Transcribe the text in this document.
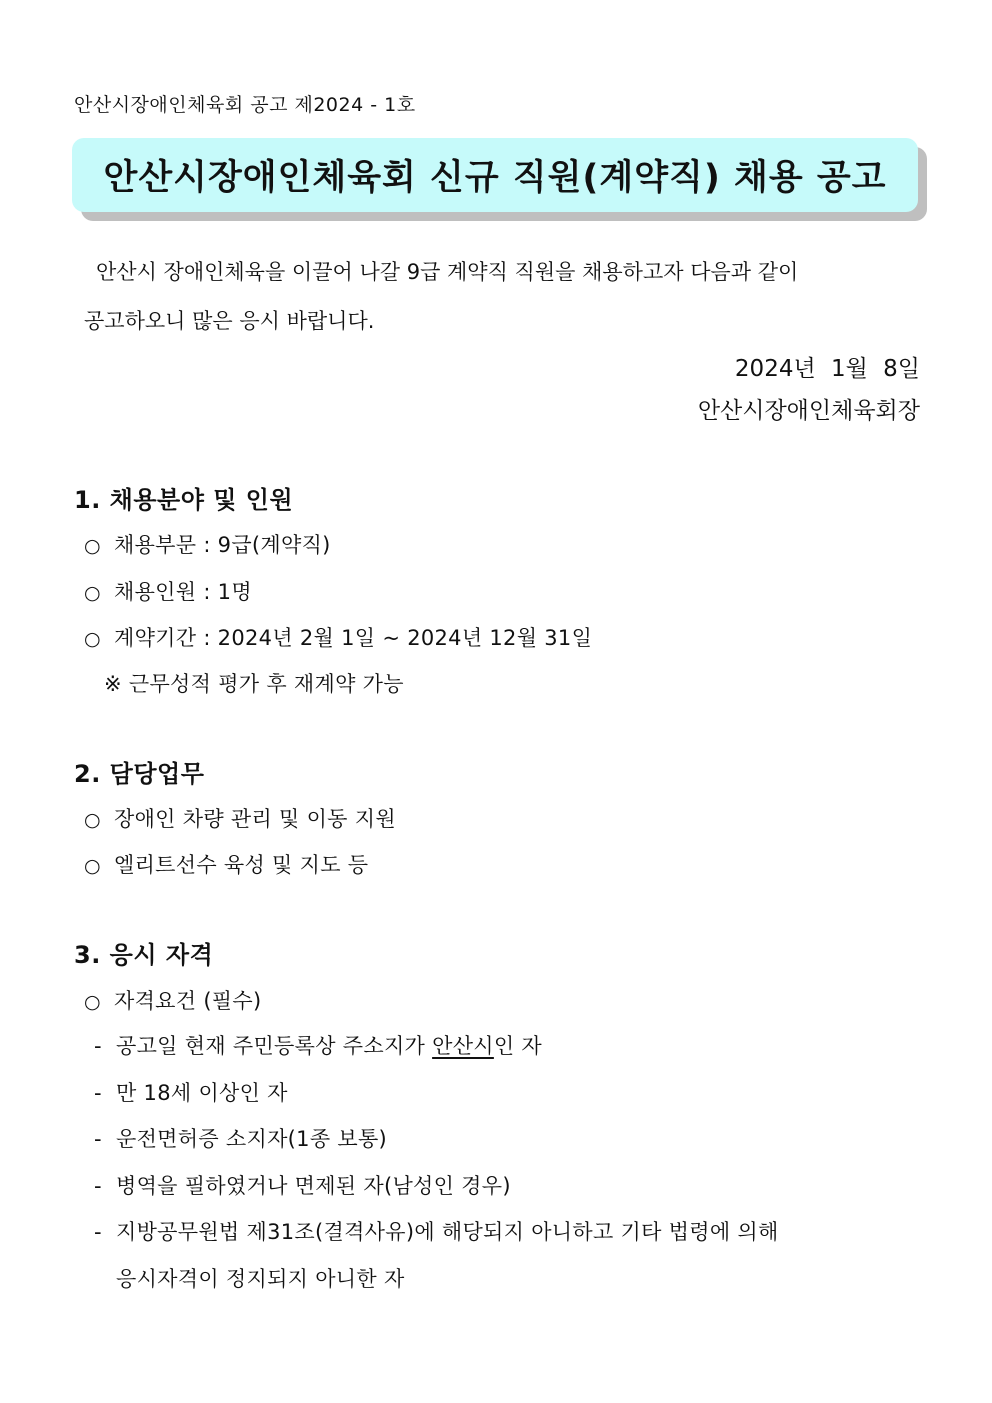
안산시장애인체육회 공고 제2024 - 1호
안산시장애인체육회 신규 직원(계약직) 채용 공고
안산시 장애인체육을 이끌어 나갈 9급 계약직 직원을 채용하고자 다음과 같이
공고하오니 많은 응시 바랍니다.
2024년 1월 8일
안산시장애인체육회장
1. 채용분야 및 인원
○ 채용부문 : 9급(계약직)
○ 채용인원 : 1명
○ 계약기간 : 2024년 2월 1일 ~ 2024년 12월 31일
※ 근무성적 평가 후 재계약 가능
2. 담당업무
○ 장애인 차량 관리 및 이동 지원
○ 엘리트선수 육성 및 지도 등
3. 응시 자격
○ 자격요건 (필수)
- 공고일 현재 주민등록상 주소지가 안산시인 자
- 만 18세 이상인 자
- 운전면허증 소지자(1종 보통)
- 병역을 필하였거나 면제된 자(남성인 경우)
- 지방공무원법 제31조(결격사유)에 해당되지 아니하고 기타 법령에 의해
응시자격이 정지되지 아니한 자
